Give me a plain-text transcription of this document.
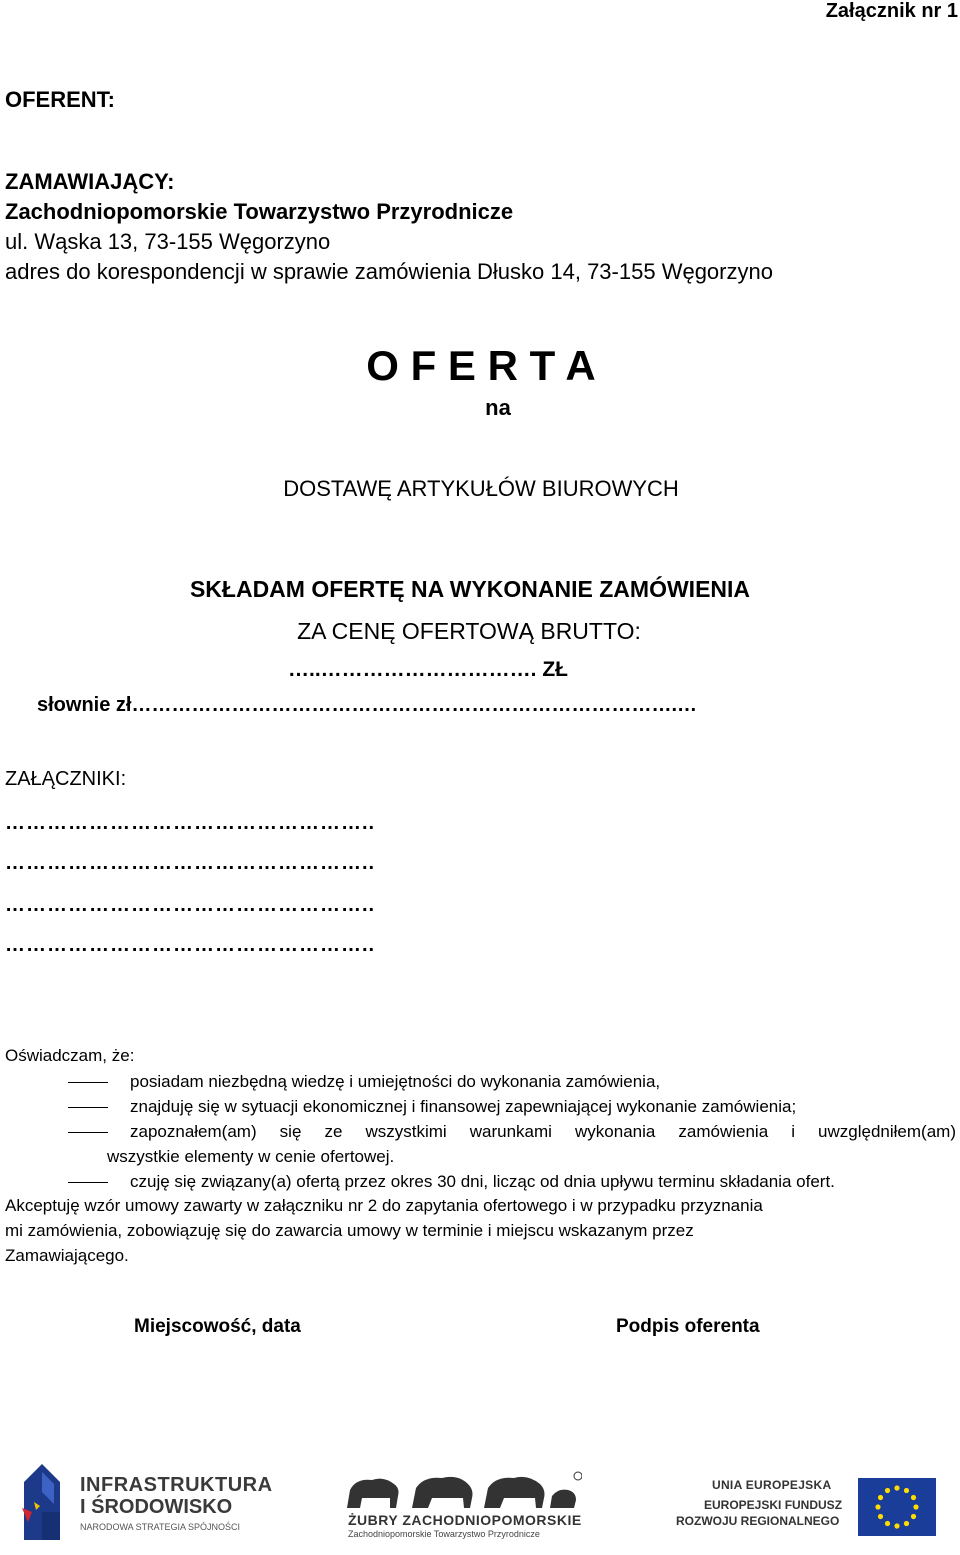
Załącznik nr 1
OFERENT:
ZAMAWIAJĄCY:
Zachodniopomorskie Towarzystwo Przyrodnicze
ul. Wąska 13, 73-155 Węgorzyno
adres do korespondencji w sprawie zamówienia Dłusko 14, 73-155 Węgorzyno
O F E R T A
na
DOSTAWĘ ARTYKUŁÓW BIUROWYCH
SKŁADAM OFERTĘ NA WYKONANIE ZAMÓWIENIA
ZA CENĘ OFERTOWĄ BRUTTO:
…..…………………………. ZŁ
słownie zł……………………………………………………………………….…
ZAŁĄCZNIKI:
……………………………………………..
……………………………………………..
……………………………………………..
……………………………………………..
Oświadczam, że:
posiadam niezbędną wiedzę i umiejętności do wykonania zamówienia,
znajduję się w sytuacji ekonomicznej i finansowej zapewniającej wykonanie zamówienia;
zapoznałem(am) się ze wszystkimi warunkami wykonania zamówienia i uwzględniłem(am)
wszystkie elementy w cenie ofertowej.
czuję się związany(a) ofertą przez okres 30 dni, licząc od dnia upływu terminu składania ofert.
Akceptuję wzór umowy zawarty w załączniku nr 2 do zapytania ofertowego i w przypadku przyznania
mi zamówienia, zobowiązuję się do zawarcia umowy w terminie i miejscu wskazanym przez
Zamawiającego.
Miejscowość, data	Podpis oferenta
INFRASTRUKTURA
I ŚRODOWISKO
NARODOWA STRATEGIA SPÓJNOŚCI	ŻUBRY ZACHODNIOPOMORSKIE
Zachodniopomorskie Towarzystwo Przyrodnicze
UNIA EUROPEJSKA
EUROPEJSKI FUNDUSZ
ROZWOJU REGIONALNEGO
